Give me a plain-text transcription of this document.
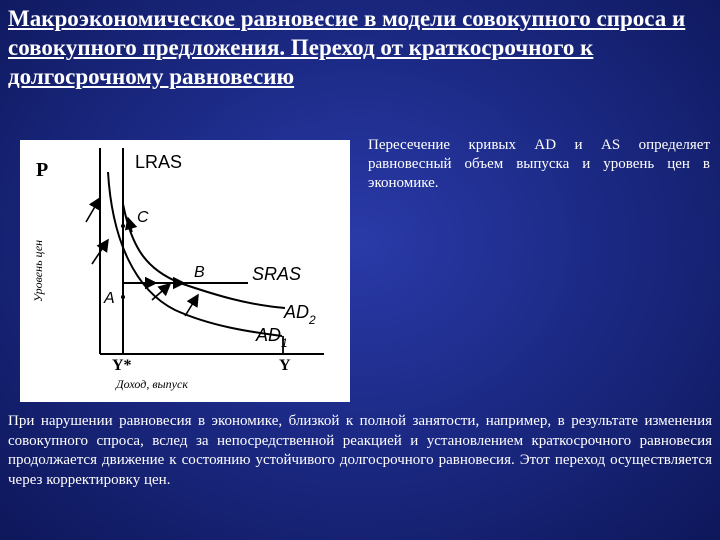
Макроэкономическое равновесие в модели совокупного спроса и совокупного предложения. Переход от краткосрочного к долгосрочному равновесию
P
Уровень цен
Доход, выпуск
LRAS
SRAS
A
B
C
$AD_2$
$AD_1$
Y*	Y

Пересечение кривых AD и AS определяет равновесный объем выпуска и уровень цен в экономике.

При нарушении равновесия в экономике, близкой к полной занятости, например, в результате изменения совокупного спроса, вслед за непосредственной реакцией и установлением краткосрочного равновесия продолжается движение к состоянию устойчивого долгосрочного равновесия. Этот переход осуществляется через корректировку цен.
